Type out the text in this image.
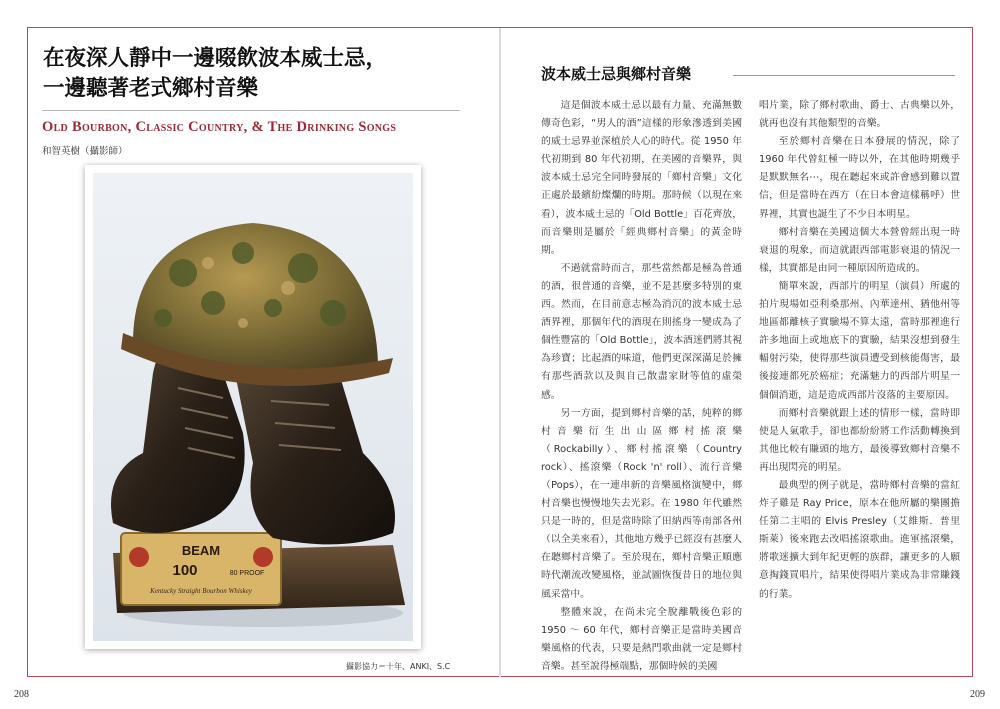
在夜深人靜中一邊啜飲波本威士忌，
一邊聽著老式鄉村音樂
Old Bourbon, Classic Country, & The Drinking Songs
和智英樹（攝影師）
BEAM
100	80 PROOF
Kentucky Straight Bourbon Whiskey
攝影協力＝十年、ANKI、S.C
208
波本威士忌與鄉村音樂

這是個波本威士忌以最有力量、充滿無數傳奇色彩，“男人的酒”這樣的形象滲透到美國的威士忌界並深植於人心的時代。從 1950 年代初期到 80 年代初期，在美國的音樂界，與波本威士忌完全同時發展的「鄉村音樂」文化正處於最繽紛燦爛的時期。那時候（以現在來看），波本威士忌的「Old Bottle」百花齊放，而音樂則是屬於「經典鄉村音樂」的黃金時期。

不過就當時而言，那些當然都是極為普通的酒，很普通的音樂，並不是甚麼多特別的東西。然而，在目前意志極為消沉的波本威士忌酒界裡，那個年代的酒現在則搖身一變成為了個性豐富的「Old Bottle」，波本酒迷們將其視為珍寶；比起酒的味道，他們更深深滿足於擁有那些酒款以及與自己散盡家財等值的虛榮感。

另一方面，提到鄉村音樂的話，純粹的鄉村音樂衍生出山區鄉村搖滾樂（Rockabilly）、鄉村搖滾樂（Country rock）、搖滾樂（Rock 'n' roll）、流行音樂（Pops），在一連串新的音樂風格演變中，鄉村音樂也慢慢地失去光彩。在 1980 年代雖然只是一時的，但是當時除了田納西等南部各州（以全美來看），其他地方幾乎已經沒有甚麼人在聽鄉村音樂了。至於現在，鄉村音樂正順應時代潮流改變風格，並試圖恢復昔日的地位與風采當中。

整體來說，在尚未完全脫離戰後色彩的 1950 ～ 60 年代，鄉村音樂正是當時美國音樂風格的代表，只要是熱門歌曲就一定是鄉村音樂。甚至說得極端點，那個時候的美國

唱片業，除了鄉村歌曲、爵士、古典樂以外，就再也沒有其他類型的音樂。

至於鄉村音樂在日本發展的情況，除了 1960 年代曾紅極一時以外，在其他時期幾乎是默默無名⋯，現在聽起來或許會感到難以置信，但是當時在西方（在日本會這樣稱呼）世界裡，其實也誕生了不少日本明星。

鄉村音樂在美國這個大本營曾經出現一時衰退的現象，而這就跟西部電影衰退的情況一樣，其實都是由同一種原因所造成的。

簡單來說，西部片的明星（演員）所處的拍片現場如亞利桑那州、內華達州、猶他州等地區都離核子實驗場不算太遠，當時那裡進行許多地面上或地底下的實驗，結果沒想到發生輻射污染，使得那些演員遭受到核能傷害，最後接連都死於癌症；充滿魅力的西部片明星一個個消逝，這是造成西部片沒落的主要原因。

而鄉村音樂就跟上述的情形一樣，當時即使是人氣歌手，卻也都紛紛將工作活動轉換到其他比較有賺頭的地方，最後導致鄉村音樂不再出現閃亮的明星。

最典型的例子就是，當時鄉村音樂的當紅炸子雞是 Ray Price，原本在他所屬的樂團擔任第二主唱的 Elvis Presley（艾維斯．普里斯萊）後來跑去改唱搖滾歌曲。進軍搖滾樂，將歌迷擴大到年紀更輕的族群，讓更多的人願意掏錢買唱片，結果使得唱片業成為非常賺錢的行業。

209
